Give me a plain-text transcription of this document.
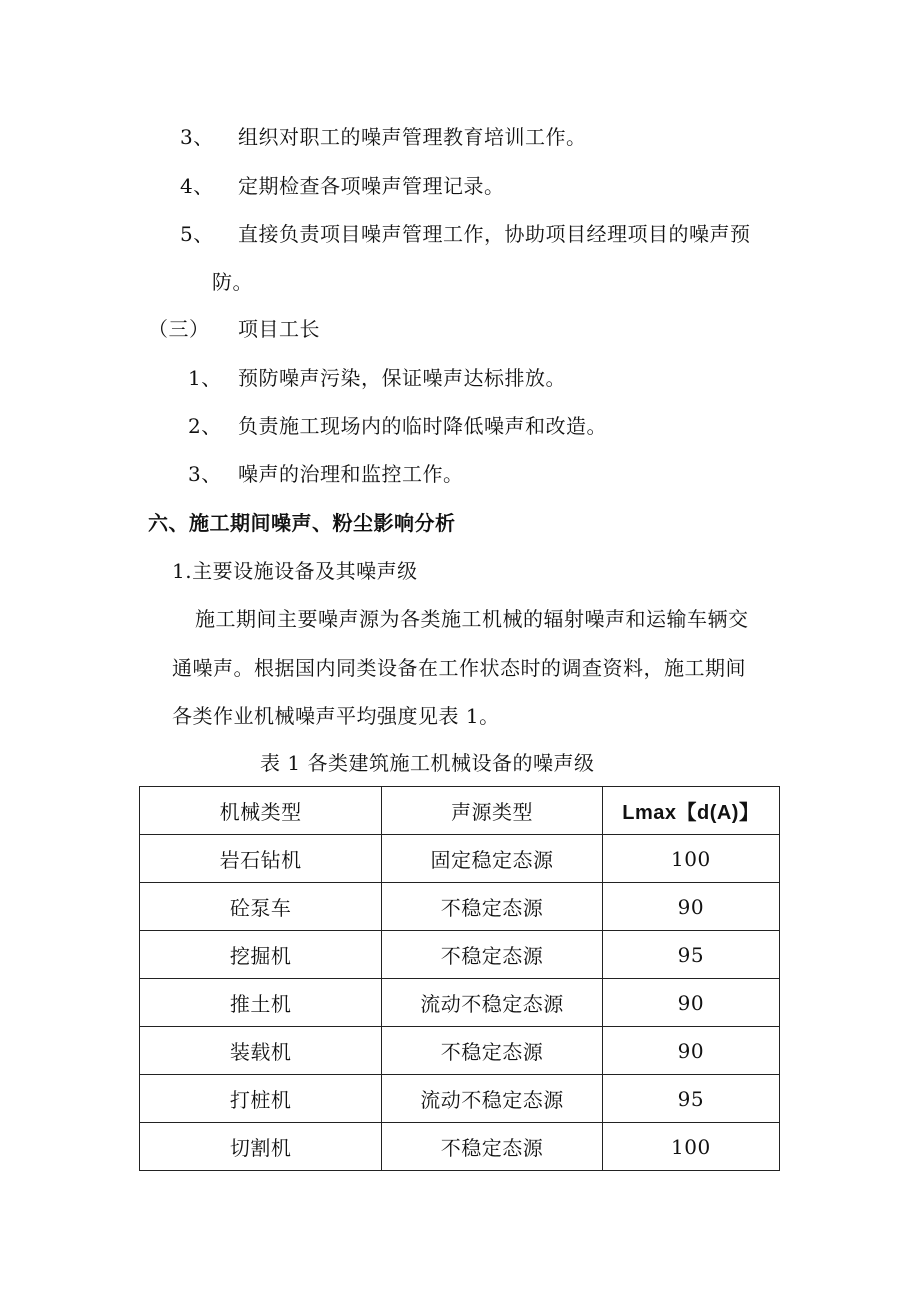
3、 组织对职工的噪声管理教育培训工作。
4、 定期检查各项噪声管理记录。
5、 直接负责项目噪声管理工作，协助项目经理项目的噪声预
防。
（三） 项目工长
1、 预防噪声污染，保证噪声达标排放。
2、 负责施工现场内的临时降低噪声和改造。
3、 噪声的治理和监控工作。
六、施工期间噪声、粉尘影响分析
1.主要设施设备及其噪声级
施工期间主要噪声源为各类施工机械的辐射噪声和运输车辆交
通噪声。根据国内同类设备在工作状态时的调查资料，施工期间
各类作业机械噪声平均强度见表 1。
表 1 各类建筑施工机械设备的噪声级
机械类型	声源类型	Lmax【d(A)】
岩石钻机	固定稳定态源	100
砼泵车	不稳定态源	90
挖掘机	不稳定态源	95
推土机	流动不稳定态源	90
装载机	不稳定态源	90
打桩机	流动不稳定态源	95
切割机	不稳定态源	100
